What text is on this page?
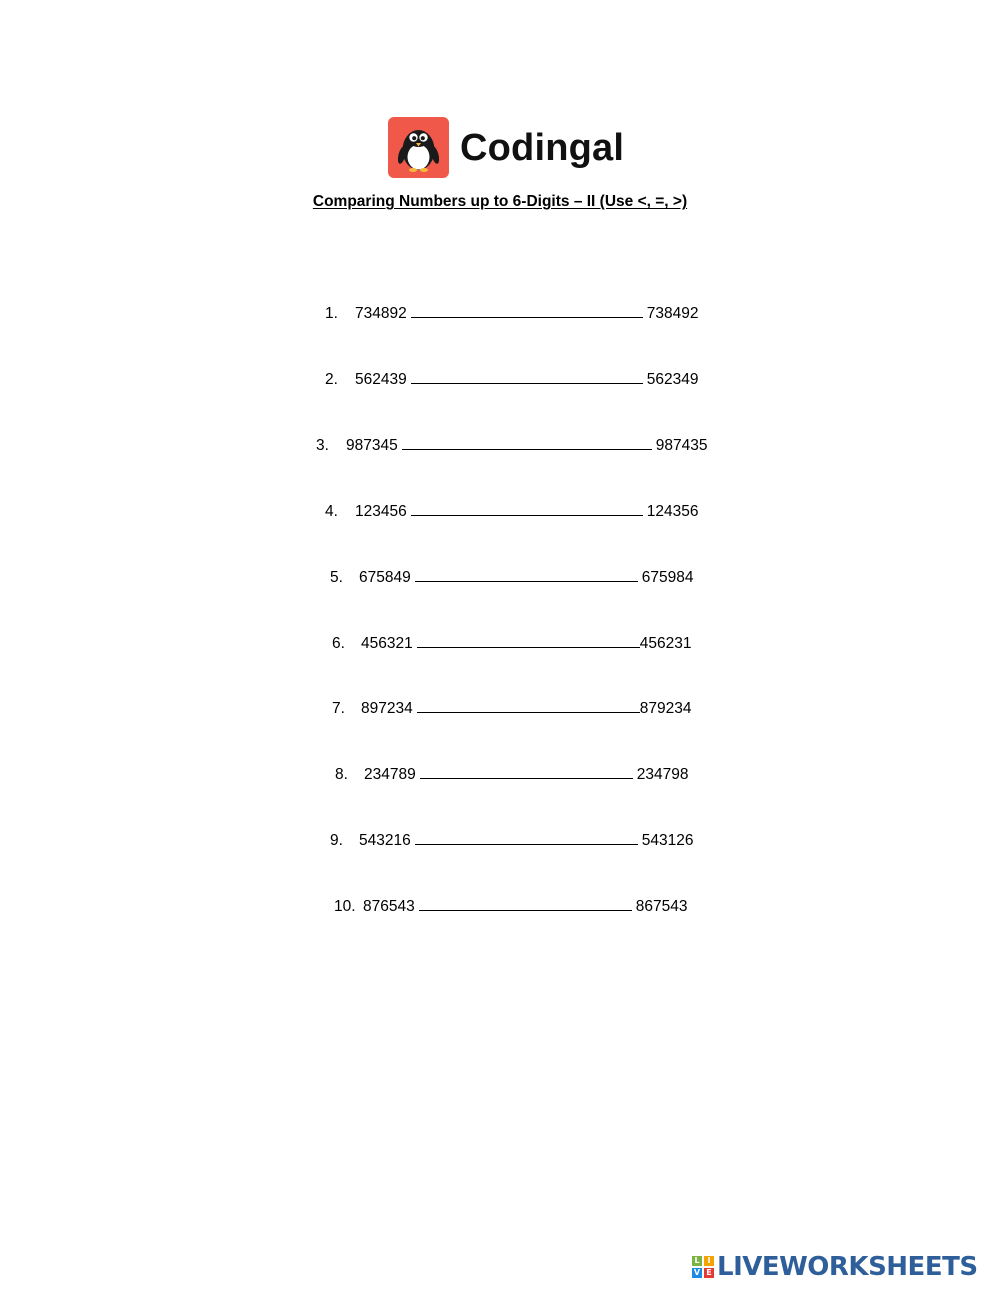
Codingal
Comparing Numbers up to 6-Digits – II (Use <, =, >)
1.	734892	738492
2.	562439	562349
3.	987345	987435
4.	123456	124356
5.	675849	675984
6.	456321	456231
7.	897234	879234
8.	234789	234798
9.	543216	543126
10. 876543	867543
L I
V E LIVEWORKSHEETS
